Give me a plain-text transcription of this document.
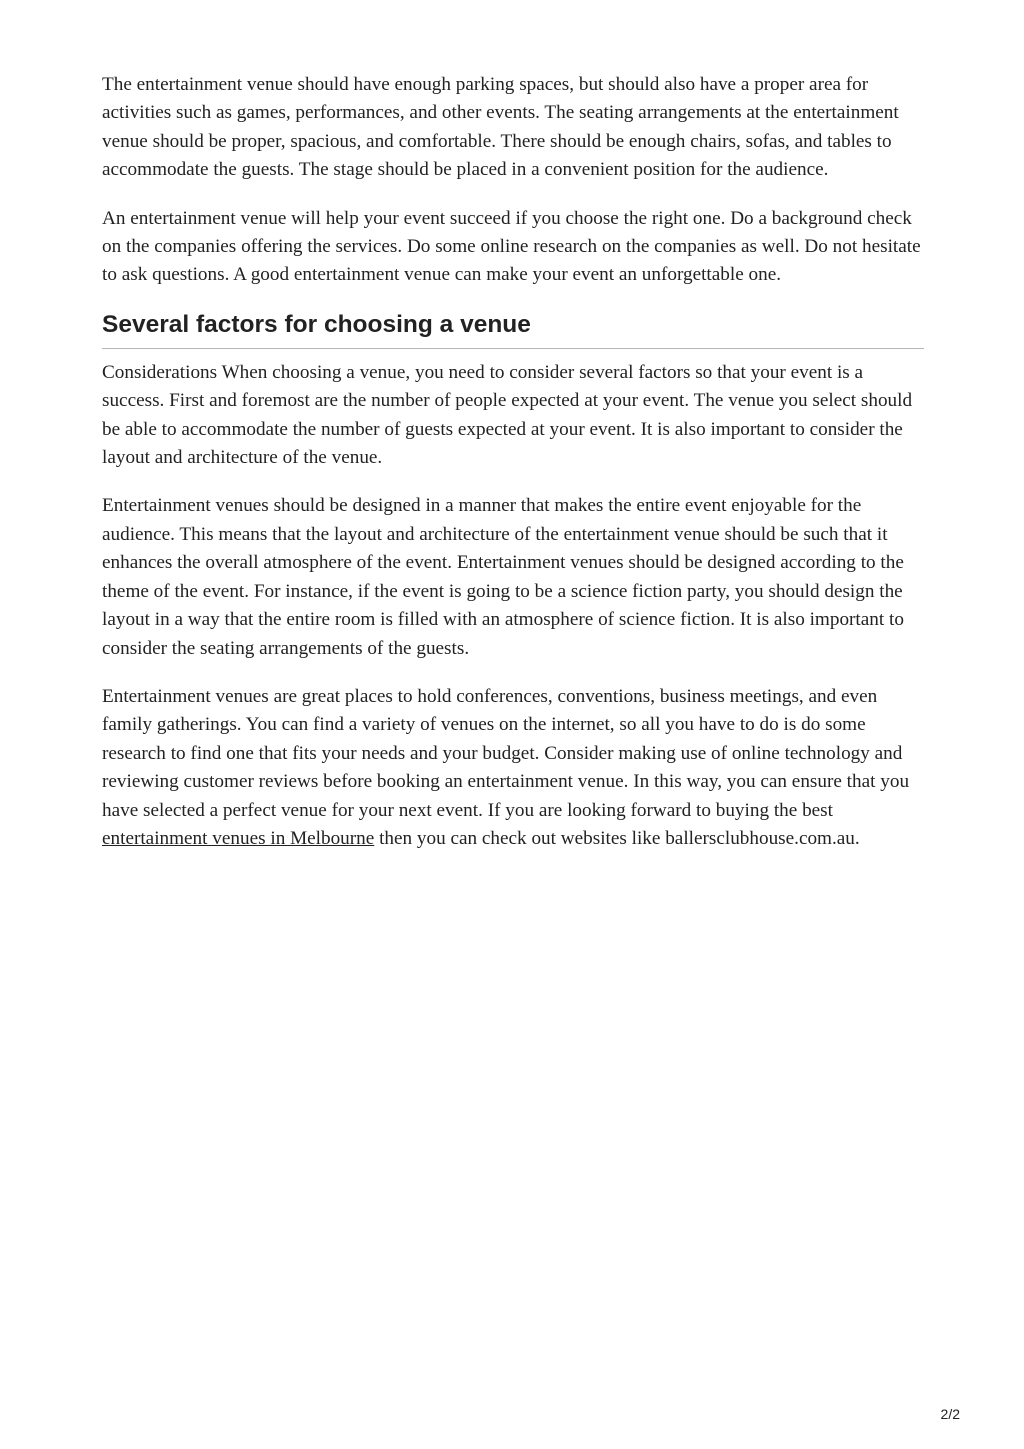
The entertainment venue should have enough parking spaces, but should also have a proper area for activities such as games, performances, and other events. The seating arrangements at the entertainment venue should be proper, spacious, and comfortable. There should be enough chairs, sofas, and tables to accommodate the guests. The stage should be placed in a convenient position for the audience.

An entertainment venue will help your event succeed if you choose the right one. Do a background check on the companies offering the services. Do some online research on the companies as well. Do not hesitate to ask questions. A good entertainment venue can make your event an unforgettable one.

Several factors for choosing a venue

Considerations When choosing a venue, you need to consider several factors so that your event is a success. First and foremost are the number of people expected at your event. The venue you select should be able to accommodate the number of guests expected at your event. It is also important to consider the layout and architecture of the venue.

Entertainment venues should be designed in a manner that makes the entire event enjoyable for the audience. This means that the layout and architecture of the entertainment venue should be such that it enhances the overall atmosphere of the event. Entertainment venues should be designed according to the theme of the event. For instance, if the event is going to be a science fiction party, you should design the layout in a way that the entire room is filled with an atmosphere of science fiction. It is also important to consider the seating arrangements of the guests.

Entertainment venues are great places to hold conferences, conventions, business meetings, and even family gatherings. You can find a variety of venues on the internet, so all you have to do is do some research to find one that fits your needs and your budget. Consider making use of online technology and reviewing customer reviews before booking an entertainment venue. In this way, you can ensure that you have selected a perfect venue for your next event. If you are looking forward to buying the best entertainment venues in Melbourne then you can check out websites like ballersclubhouse.com.au.

2/2
